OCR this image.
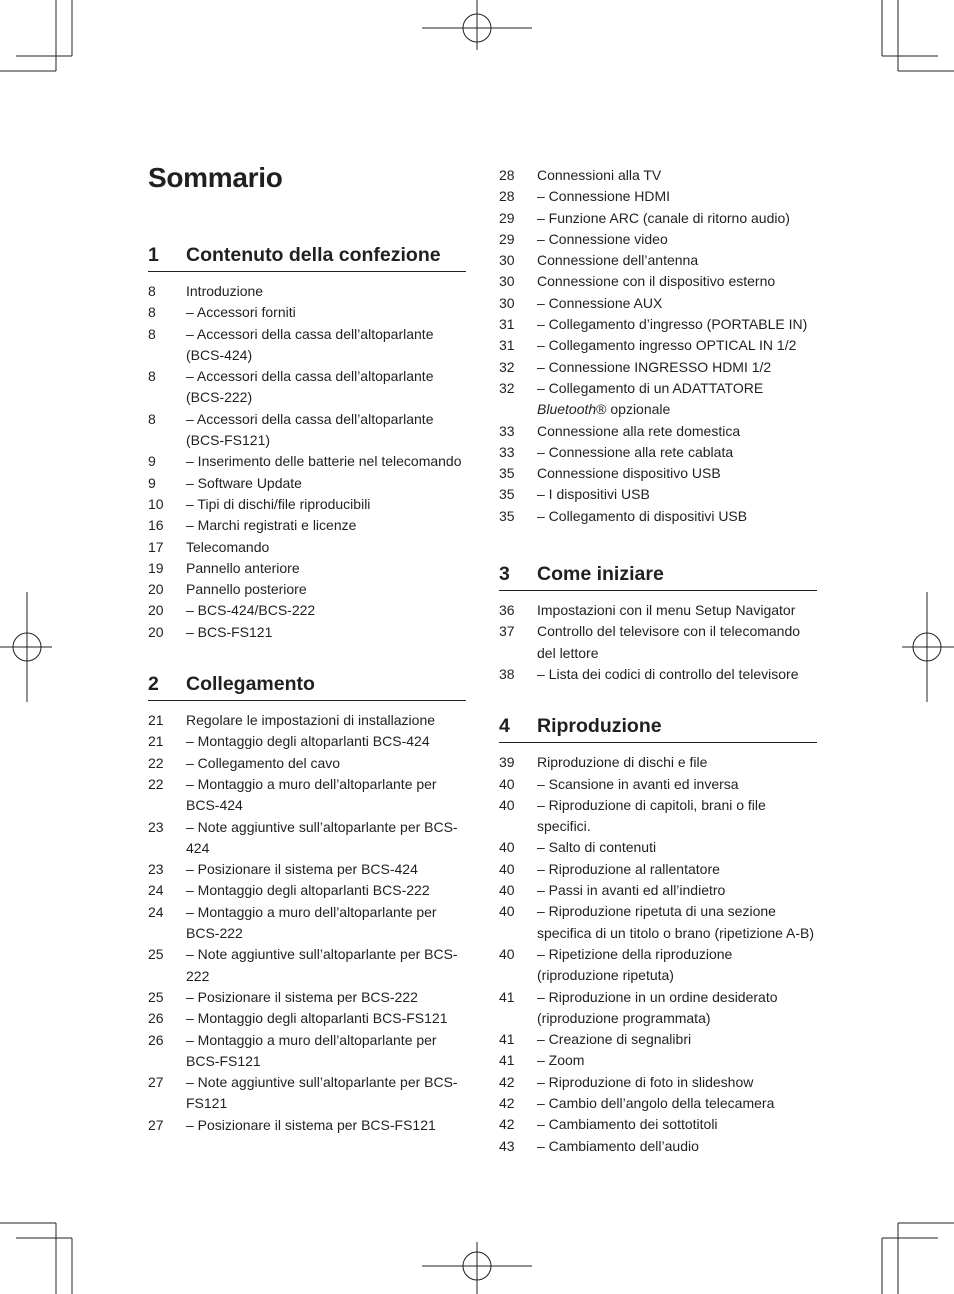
Sommario
1	Contenuto della confezione
8	Introduzione
8	– Accessori forniti
8	– Accessori della cassa dell’altoparlante (BCS-424)
8	– Accessori della cassa dell’altoparlante (BCS-222)
8	– Accessori della cassa dell’altoparlante (BCS-FS121)
9	– Inserimento delle batterie nel telecomando
9	– Software Update
10	– Tipi di dischi/file riproducibili
16	– Marchi registrati e licenze
17	Telecomando
19	Pannello anteriore
20	Pannello posteriore
20	– BCS-424/BCS-222
20	– BCS-FS121
2	Collegamento
21	Regolare le impostazioni di installazione
21	– Montaggio degli altoparlanti BCS-424
22	– Collegamento del cavo
22	– Montaggio a muro dell’altoparlante per BCS-424
23	– Note aggiuntive sull’altoparlante per BCS-424
23	– Posizionare il sistema per BCS-424
24	– Montaggio degli altoparlanti BCS-222
24	– Montaggio a muro dell’altoparlante per BCS-222
25	– Note aggiuntive sull’altoparlante per BCS-222
25	– Posizionare il sistema per BCS-222
26	– Montaggio degli altoparlanti BCS-FS121
26	– Montaggio a muro dell’altoparlante per BCS-FS121
27	– Note aggiuntive sull’altoparlante per BCS-FS121
27	– Posizionare il sistema per BCS-FS121
28	Connessioni alla TV
28	– Connessione HDMI
29	– Funzione ARC (canale di ritorno audio)
29	– Connessione video
30	Connessione dell’antenna
30	Connessione con il dispositivo esterno
30	– Connessione AUX
31	– Collegamento d’ingresso (PORTABLE IN)
31	– Collegamento ingresso OPTICAL IN 1/2
32	– Connessione INGRESSO HDMI 1/2
32	– Collegamento di un ADATTATORE
Bluetooth® opzionale
33	Connessione alla rete domestica
33	– Connessione alla rete cablata
35	Connessione dispositivo USB
35	– I dispositivi USB
35	– Collegamento di dispositivi USB
3	Come iniziare
36	Impostazioni con il menu Setup Navigator
37	Controllo del televisore con il telecomando del lettore
38	– Lista dei codici di controllo del televisore
4	Riproduzione
39	Riproduzione di dischi e file
40	– Scansione in avanti ed inversa
40	– Riproduzione di capitoli, brani o file specifici.
40	– Salto di contenuti
40	– Riproduzione al rallentatore
40	– Passi in avanti ed all’indietro
40	– Riproduzione ripetuta di una sezione specifica di un titolo o brano (ripetizione A-B)
40	– Ripetizione della riproduzione (riproduzione ripetuta)
41	– Riproduzione in un ordine desiderato (riproduzione programmata)
41	– Creazione di segnalibri
41	– Zoom
42	– Riproduzione di foto in slideshow
42	– Cambio dell’angolo della telecamera
42	– Cambiamento dei sottotitoli
43	– Cambiamento dell’audio
